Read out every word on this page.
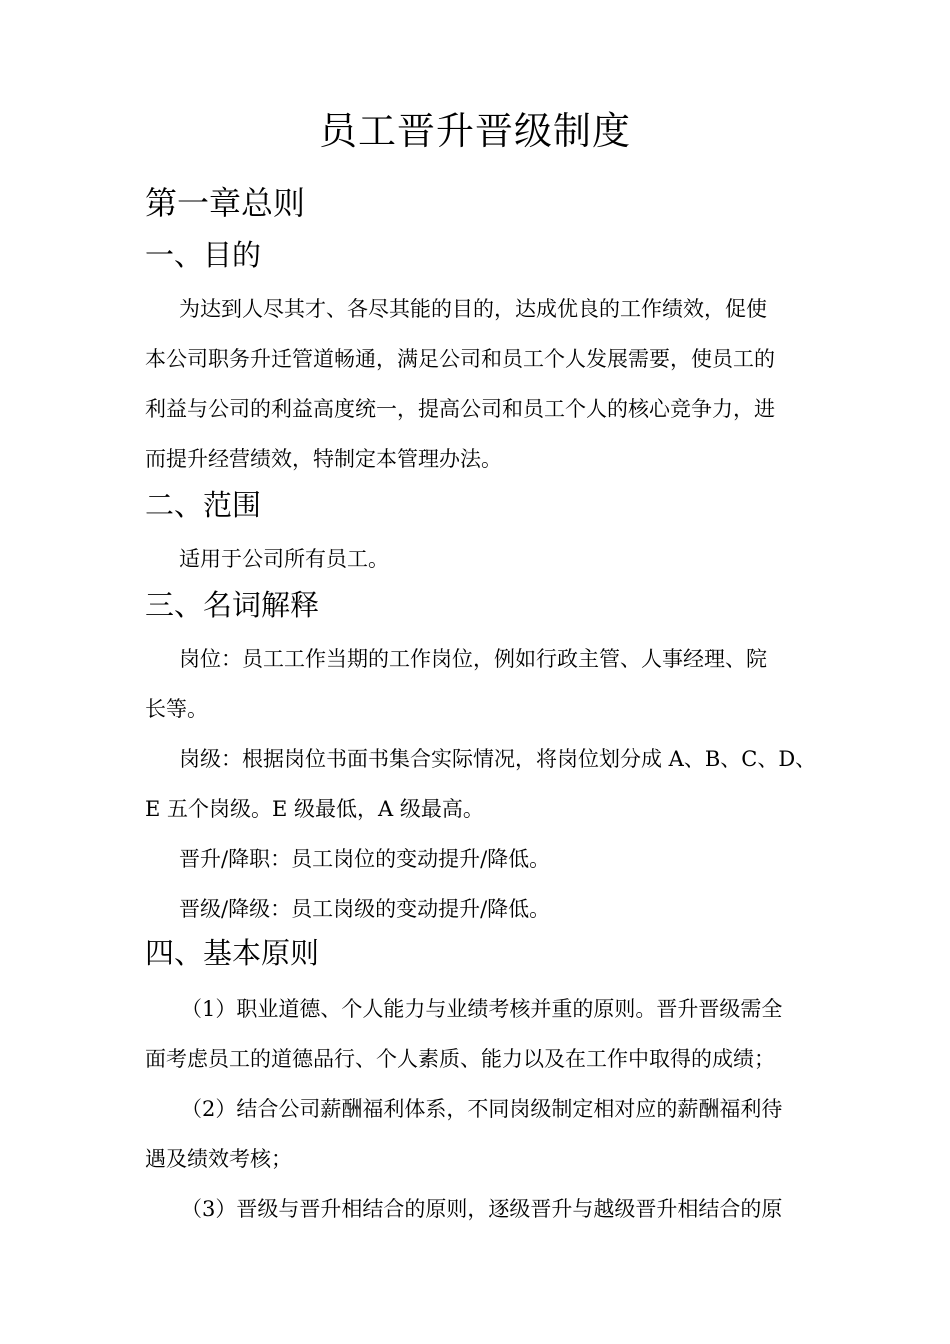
员工晋升晋级制度
第一章总则
一、目的
为达到人尽其才、各尽其能的目的，达成优良的工作绩效，促使
本公司职务升迁管道畅通，满足公司和员工个人发展需要，使员工的
利益与公司的利益高度统一，提高公司和员工个人的核心竞争力，进
而提升经营绩效，特制定本管理办法。
二、范围
适用于公司所有员工。
三、名词解释
岗位：员工工作当期的工作岗位，例如行政主管、人事经理、院
长等。
岗级：根据岗位书面书集合实际情况，将岗位划分成 A、B、C、D、
E 五个岗级。E 级最低，A 级最高。
晋升/降职：员工岗位的变动提升/降低。
晋级/降级：员工岗级的变动提升/降低。
四、基本原则
（1）职业道德、个人能力与业绩考核并重的原则。晋升晋级需全
面考虑员工的道德品行、个人素质、能力以及在工作中取得的成绩；
（2）结合公司薪酬福利体系，不同岗级制定相对应的薪酬福利待
遇及绩效考核；
（3）晋级与晋升相结合的原则，逐级晋升与越级晋升相结合的原
